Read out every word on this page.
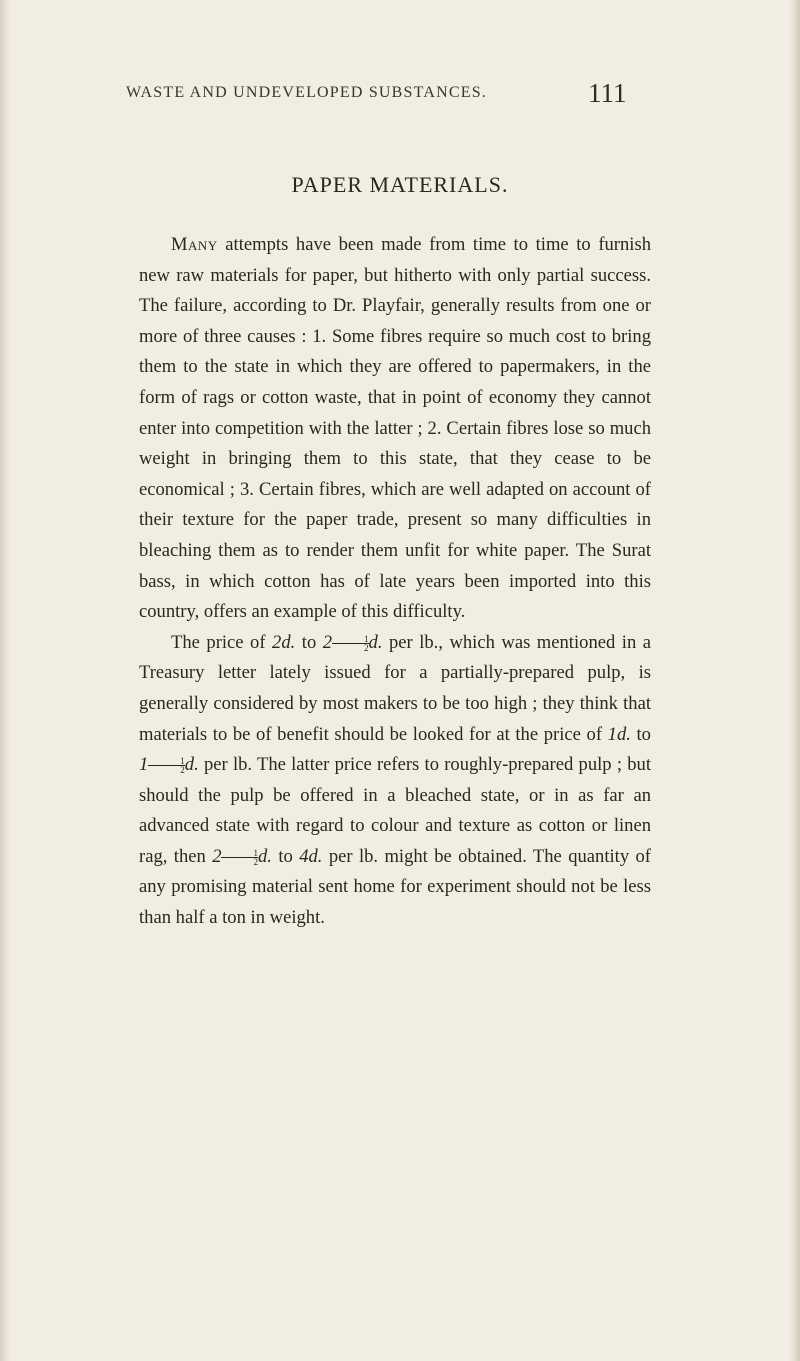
WASTE AND UNDEVELOPED SUBSTANCES.	111
PAPER MATERIALS.

Many attempts have been made from time to time to furnish new raw materials for paper, but hitherto with only partial success. The failure, according to Dr. Playfair, generally results from one or more of three causes : 1. Some fibres require so much cost to bring them to the state in which they are offered to papermakers, in the form of rags or cotton waste, that in point of economy they cannot enter into competition with the latter ; 2. Certain fibres lose so much weight in bringing them to this state, that they cease to be economical ; 3. Certain fibres, which are well adapted on account of their texture for the paper trade, present so many difficulties in bleaching them as to render them unfit for white paper. The Surat bass, in which cotton has of late years been imported into this country, offers an example of this difficulty.

The price of 2d. to $2 \frac{1}{2} d$. per lb., which was mentioned in a Treasury letter lately issued for a partially-prepared pulp, is generally considered by most makers to be too high ; they think that materials to be of benefit should be looked for at the price of 1d. to $1 \frac{1}{2} d$. per lb. The latter price refers to roughly-prepared pulp ; but should the pulp be offered in a bleached state, or in as far an advanced state with regard to colour and texture as cotton or linen rag, then $2 \frac{1}{2} d$. to 4d. per lb. might be obtained. The quantity of any promising material sent home for experiment should not be less than half a ton in weight.
